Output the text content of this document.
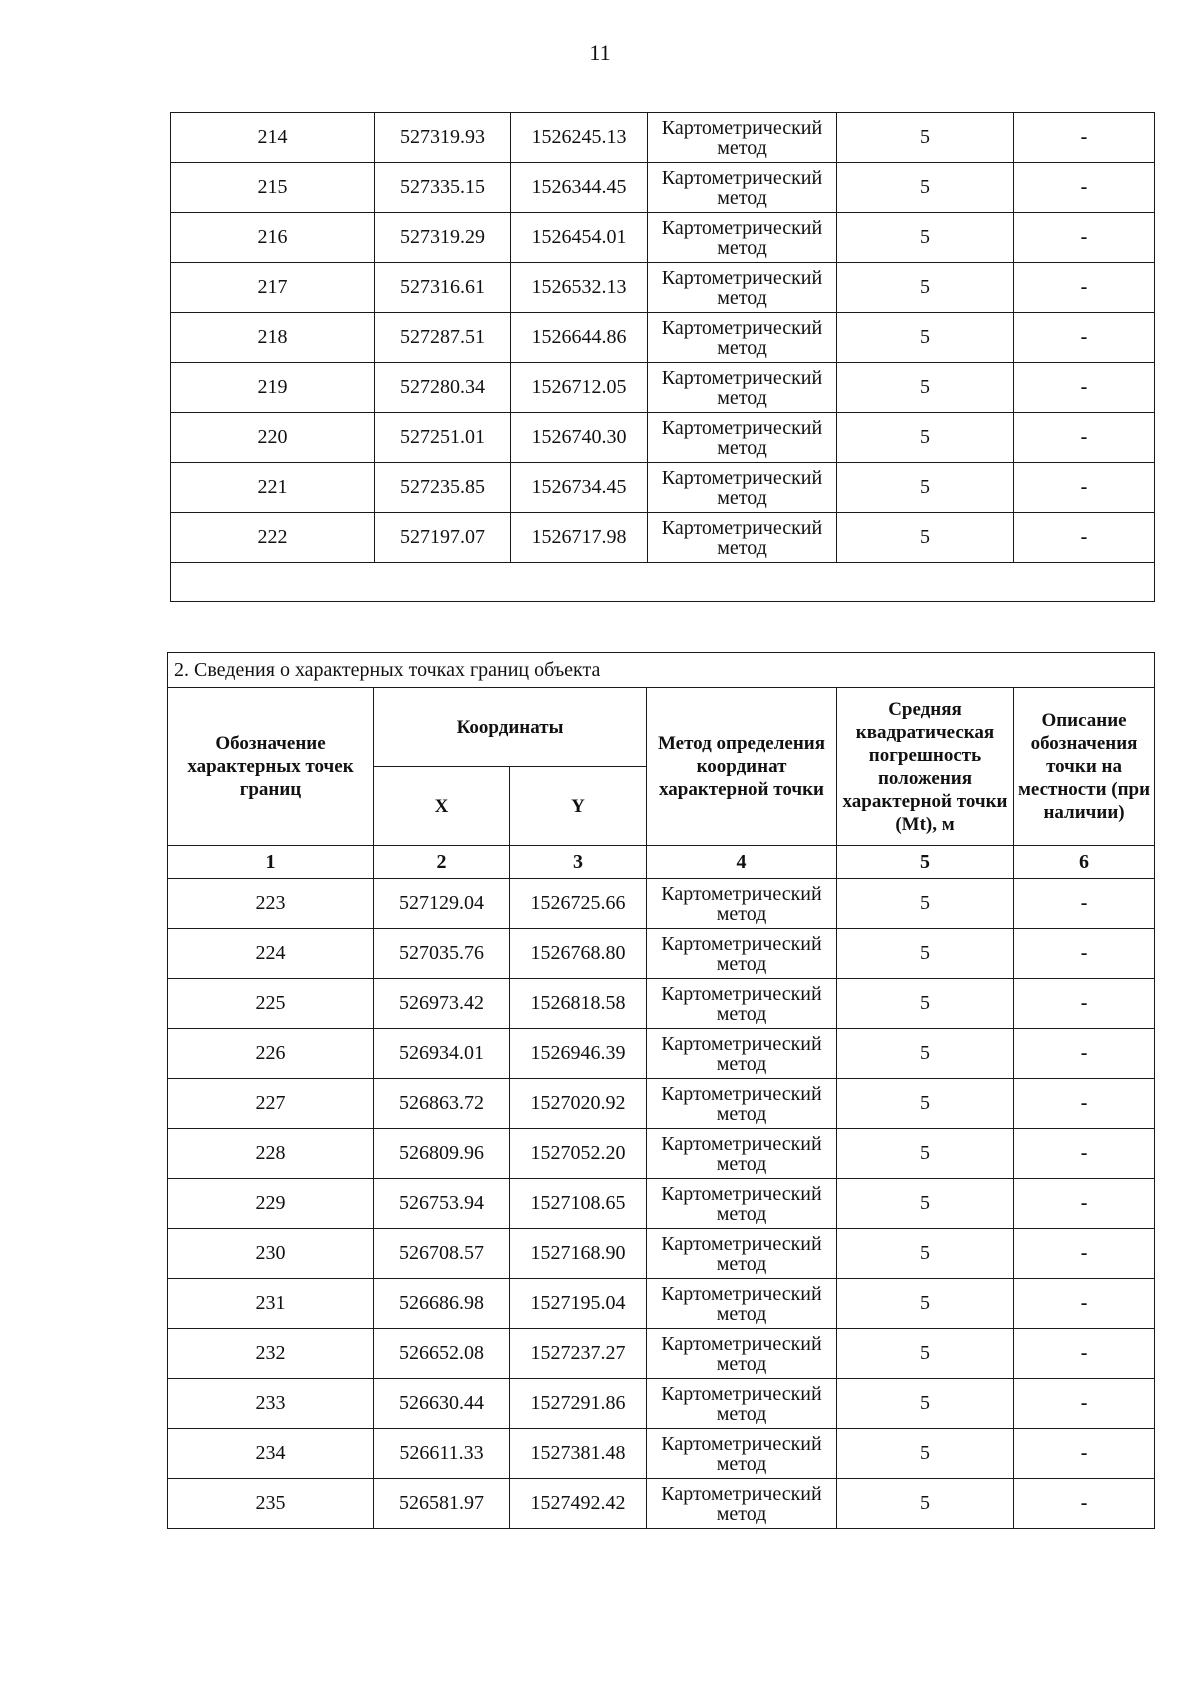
11
214	527319.93	1526245.13	Картометрический метод	5	-
215	527335.15	1526344.45	Картометрический метод	5	-
216	527319.29	1526454.01	Картометрический метод	5	-
217	527316.61	1526532.13	Картометрический метод	5	-
218	527287.51	1526644.86	Картометрический метод	5	-
219	527280.34	1526712.05	Картометрический метод	5	-
220	527251.01	1526740.30	Картометрический метод	5	-
221	527235.85	1526734.45	Картометрический метод	5	-
222	527197.07	1526717.98	Картометрический метод	5	-

2. Сведения о характерных точках границ объекта					
Обозначение характерных точек границ	Координаты		Метод определения координат характерной точки	Средняя квадратическая погрешность положения характерной точки (Mt), м	Описание обозначения точки на местности (при наличии)
	X	Y			
1	2	3	4	5	6
223	527129.04	1526725.66	Картометрический метод	5	-
224	527035.76	1526768.80	Картометрический метод	5	-
225	526973.42	1526818.58	Картометрический метод	5	-
226	526934.01	1526946.39	Картометрический метод	5	-
227	526863.72	1527020.92	Картометрический метод	5	-
228	526809.96	1527052.20	Картометрический метод	5	-
229	526753.94	1527108.65	Картометрический метод	5	-
230	526708.57	1527168.90	Картометрический метод	5	-
231	526686.98	1527195.04	Картометрический метод	5	-
232	526652.08	1527237.27	Картометрический метод	5	-
233	526630.44	1527291.86	Картометрический метод	5	-
234	526611.33	1527381.48	Картометрический метод	5	-
235	526581.97	1527492.42	Картометрический метод	5	-
